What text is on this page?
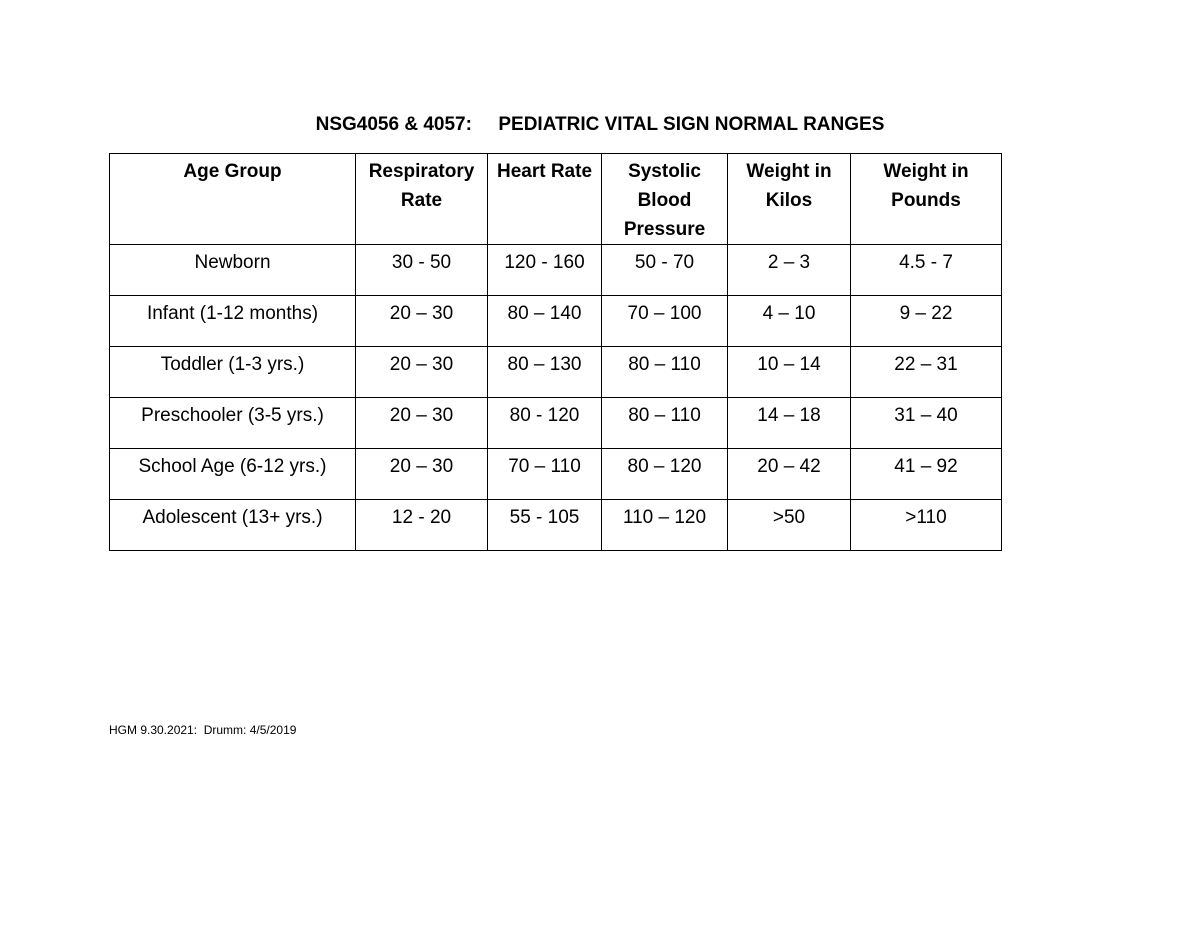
NSG4056 & 4057: PEDIATRIC VITAL SIGN NORMAL RANGES
Age Group	Respiratory Rate	Heart Rate	Systolic Blood Pressure	Weight in Kilos	Weight in Pounds
Newborn	30 - 50	120 - 160	50 - 70	2 – 3	4.5 - 7
Infant (1-12 months)	20 – 30	80 – 140	70 – 100	4 – 10	9 – 22
Toddler (1-3 yrs.)	20 – 30	80 – 130	80 – 110	10 – 14	22 – 31
Preschooler (3-5 yrs.)	20 – 30	80 - 120	80 – 110	14 – 18	31 – 40
School Age (6-12 yrs.)	20 – 30	70 – 110	80 – 120	20 – 42	41 – 92
Adolescent (13+ yrs.)	12 - 20	55 - 105	110 – 120	>50	>110
HGM 9.30.2021:  Drumm: 4/5/2019
